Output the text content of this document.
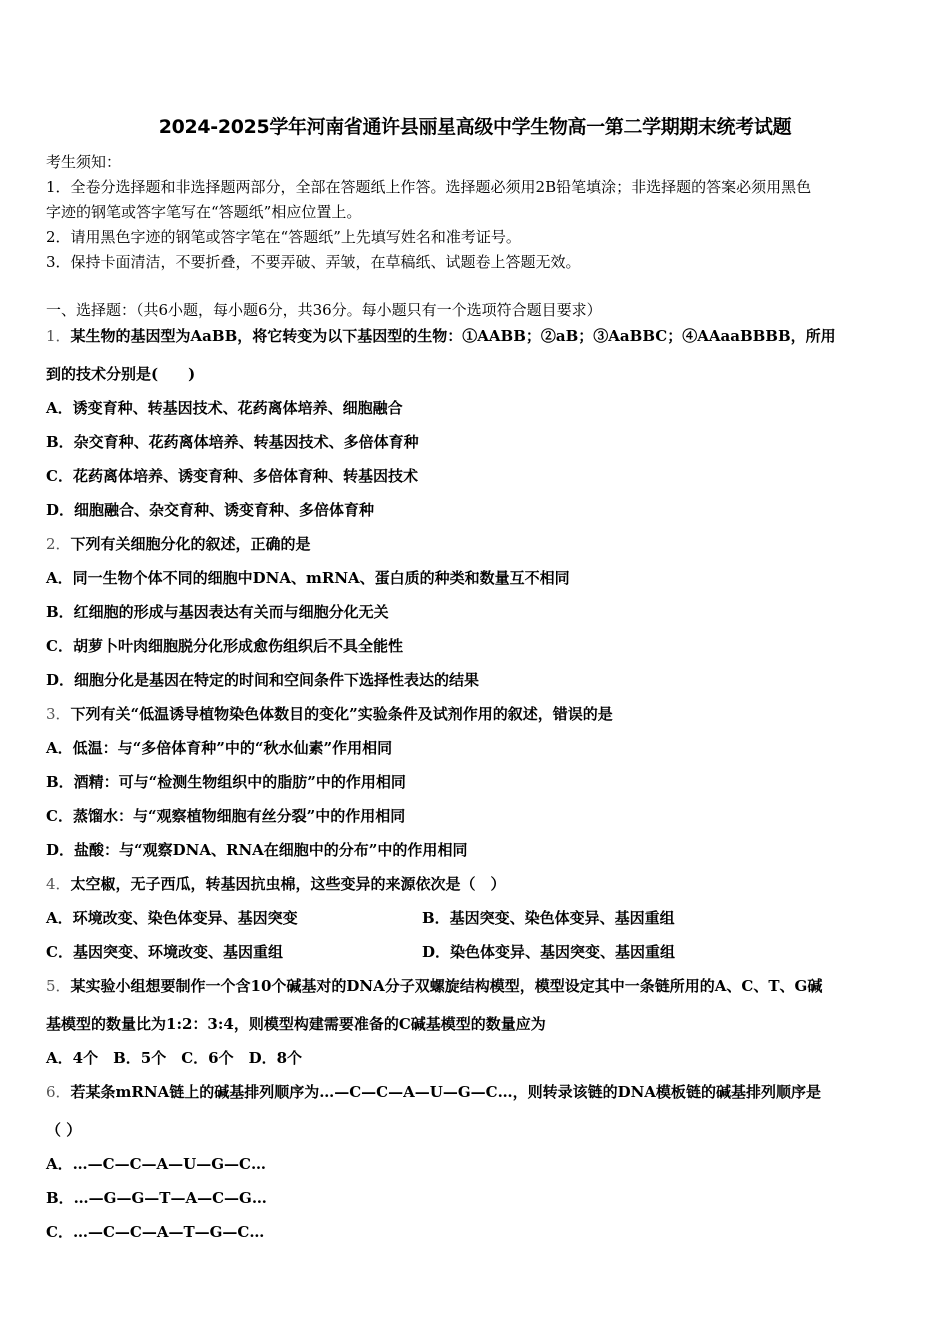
2024-2025学年河南省通许县丽星高级中学生物高一第二学期期末统考试题
考生须知：
1．全卷分选择题和非选择题两部分，全部在答题纸上作答。选择题必须用2B铅笔填涂；非选择题的答案必须用黑色
字迹的钢笔或答字笔写在“答题纸”相应位置上。
2．请用黑色字迹的钢笔或答字笔在“答题纸”上先填写姓名和准考证号。
3．保持卡面清洁，不要折叠，不要弄破、弄皱，在草稿纸、试题卷上答题无效。
一、选择题：（共6小题，每小题6分，共36分。每小题只有一个选项符合题目要求）
1．某生物的基因型为AaBB，将它转变为以下基因型的生物：①AABB；②aB；③AaBBC；④AAaaBBBB，所用
到的技术分别是(　　)
A．诱变育种、转基因技术、花药离体培养、细胞融合
B．杂交育种、花药离体培养、转基因技术、多倍体育种
C．花药离体培养、诱变育种、多倍体育种、转基因技术
D．细胞融合、杂交育种、诱变育种、多倍体育种
2．下列有关细胞分化的叙述，正确的是
A．同一生物个体不同的细胞中DNA、mRNA、蛋白质的种类和数量互不相同
B．红细胞的形成与基因表达有关而与细胞分化无关
C．胡萝卜叶肉细胞脱分化形成愈伤组织后不具全能性
D．细胞分化是基因在特定的时间和空间条件下选择性表达的结果
3．下列有关“低温诱导植物染色体数目的变化”实验条件及试剂作用的叙述，错误的是
A．低温：与“多倍体育种”中的“秋水仙素”作用相同
B．酒精：可与“检测生物组织中的脂肪”中的作用相同
C．蒸馏水：与“观察植物细胞有丝分裂”中的作用相同
D．盐酸：与“观察DNA、RNA在细胞中的分布”中的作用相同
4．太空椒，无子西瓜，转基因抗虫棉，这些变异的来源依次是（　）
A．环境改变、染色体变异、基因突变	B．基因突变、染色体变异、基因重组
C．基因突变、环境改变、基因重组	D．染色体变异、基因突变、基因重组
5．某实验小组想要制作一个含10个碱基对的DNA分子双螺旋结构模型，模型设定其中一条链所用的A、C、T、G碱
基模型的数量比为1:2：3:4，则模型构建需要准备的C碱基模型的数量应为
A．4个　B．5个　C．6个　D．8个
6．若某条mRNA链上的碱基排列顺序为…—C—C—A—U—G—C…，则转录该链的DNA模板链的碱基排列顺序是
（ ）
A．…—C—C—A—U—G—C…
B．…—G—G—T—A—C—G…
C．…—C—C—A—T—G—C…
